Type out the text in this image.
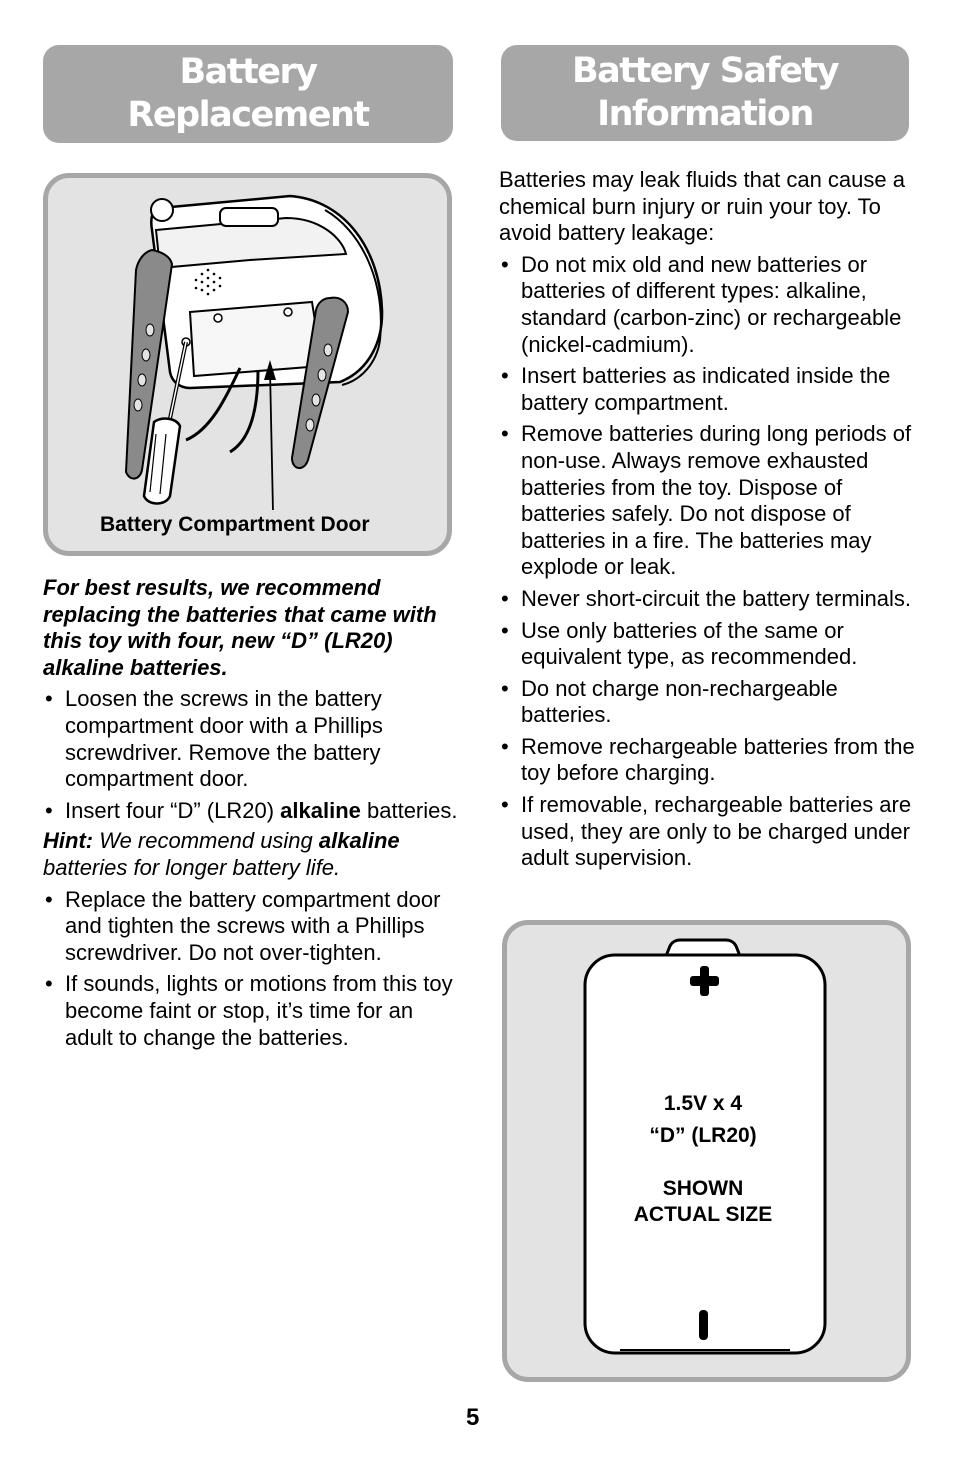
Battery
Replacement
Battery Safety
Information
Battery Compartment Door

For best results, we recommend replacing the batteries that came with this toy with four, new “D” (LR20) alkaline batteries.

• Loosen the screws in the battery compartment door with a Phillips screwdriver. Remove the battery compartment door.
• Insert four “D” (LR20) alkaline batteries.

Hint: We recommend using alkaline batteries for longer battery life.

• Replace the battery compartment door and tighten the screws with a Phillips screwdriver. Do not over-tighten.
• If sounds, lights or motions from this toy become faint or stop, it’s time for an adult to change the batteries.

Batteries may leak fluids that can cause a chemical burn injury or ruin your toy. To avoid battery leakage:

• Do not mix old and new batteries or batteries of different types: alkaline, standard (carbon-zinc) or rechargeable (nickel-cadmium).
• Insert batteries as indicated inside the battery compartment.
• Remove batteries during long periods of non-use. Always remove exhausted batteries from the toy. Dispose of batteries safely. Do not dispose of batteries in a fire. The batteries may explode or leak.
• Never short-circuit the battery terminals.
• Use only batteries of the same or equivalent type, as recommended.
• Do not charge non-rechargeable batteries.
• Remove rechargeable batteries from the toy before charging.
• If removable, rechargeable batteries are used, they are only to be charged under adult supervision.
1.5V x 4
“D” (LR20)
SHOWN
ACTUAL SIZE
5
